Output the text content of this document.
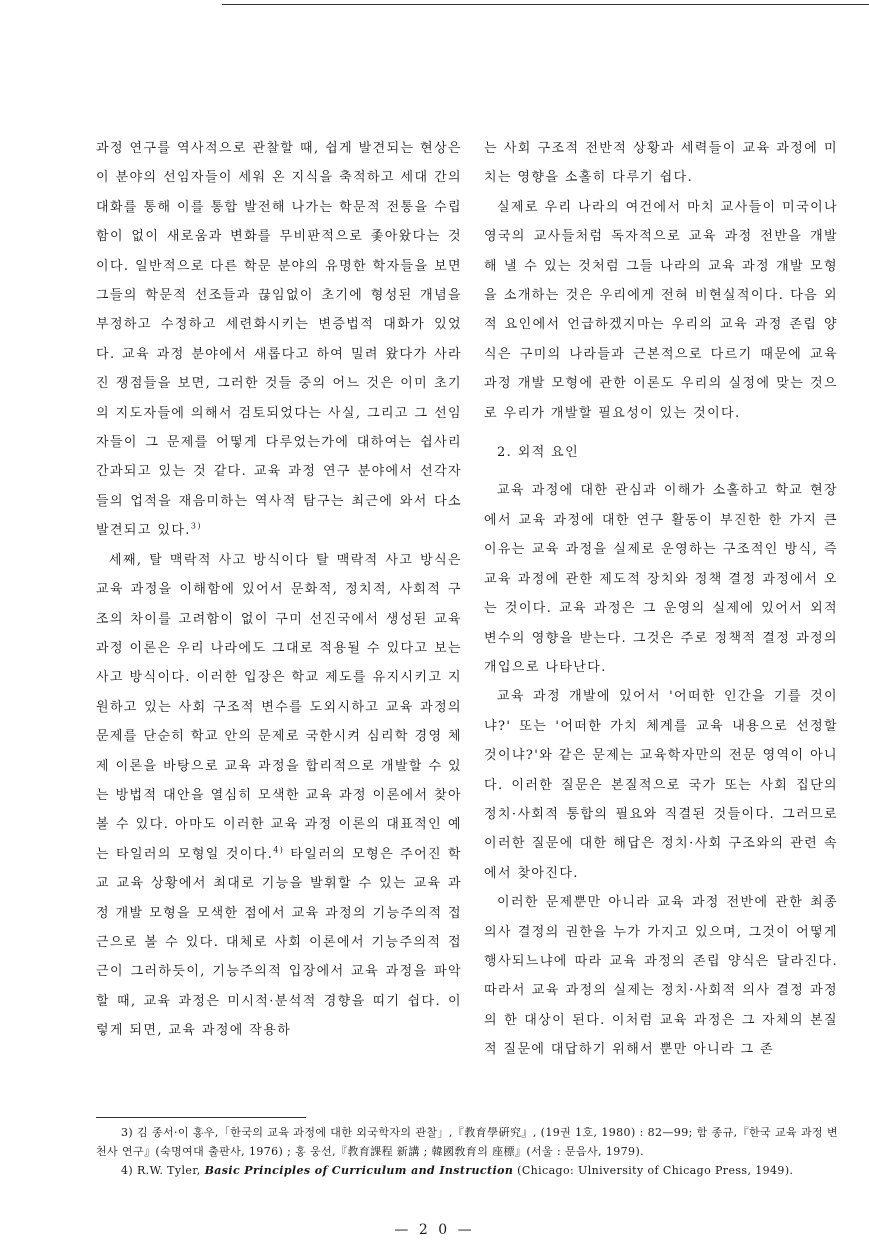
과정 연구를 역사적으로 관찰할 때, 쉽게 발견되는 현상은 이 분야의 선임자들이 세워 온 지식을 축적하고 세대 간의 대화를 통해 이를 통합 발전해 나가는 학문적 전통을 수립함이 없이 새로움과 변화를 무비판적으로 좇아왔다는 것이다. 일반적으로 다른 학문 분야의 유명한 학자들을 보면 그들의 학문적 선조들과 끊임없이 초기에 형성된 개념을 부정하고 수정하고 세련화시키는 변증법적 대화가 있었다. 교육 과정 분야에서 새롭다고 하여 밀려 왔다가 사라진 쟁점들을 보면, 그러한 것들 중의 어느 것은 이미 초기의 지도자들에 의해서 검토되었다는 사실, 그리고 그 선임자들이 그 문제를 어떻게 다루었는가에 대하여는 쉽사리 간과되고 있는 것 같다. 교육 과정 연구 분야에서 선각자들의 업적을 재음미하는 역사적 탐구는 최근에 와서 다소 발견되고 있다.$^{3)}$

세째, 탈 맥락적 사고 방식이다 탈 맥락적 사고 방식은 교육 과정을 이해함에 있어서 문화적, 정치적, 사회적 구조의 차이를 고려함이 없이 구미 선진국에서 생성된 교육 과정 이론은 우리 나라에도 그대로 적용될 수 있다고 보는 사고 방식이다. 이러한 입장은 학교 제도를 유지시키고 지원하고 있는 사회 구조적 변수를 도외시하고 교육 과정의 문제를 단순히 학교 안의 문제로 국한시켜 심리학 경영 체제 이론을 바탕으로 교육 과정을 합리적으로 개발할 수 있는 방법적 대안을 열심히 모색한 교육 과정 이론에서 찾아볼 수 있다. 아마도 이러한 교육 과정 이론의 대표적인 예는 타일러의 모형일 것이다.$^{4)}$ 타일러의 모형은 주어진 학교 교육 상황에서 최대로 기능을 발휘할 수 있는 교육 과정 개발 모형을 모색한 점에서 교육 과정의 기능주의적 접근으로 볼 수 있다. 대체로 사회 이론에서 기능주의적 접근이 그러하듯이, 기능주의적 입장에서 교육 과정을 파악할 때, 교육 과정은 미시적·분석적 경향을 띠기 쉽다. 이렇게 되면, 교육 과정에 작용하

는 사회 구조적 전반적 상황과 세력들이 교육 과정에 미치는 영향을 소홀히 다루기 쉽다.

실제로 우리 나라의 여건에서 마치 교사들이 미국이나 영국의 교사들처럼 독자적으로 교육 과정 전반을 개발해 낼 수 있는 것처럼 그들 나라의 교육 과정 개발 모형을 소개하는 것은 우리에게 전혀 비현실적이다. 다음 외적 요인에서 언급하겠지마는 우리의 교육 과정 존립 양식은 구미의 나라들과 근본적으로 다르기 때문에 교육 과정 개발 모형에 관한 이론도 우리의 실정에 맞는 것으로 우리가 개발할 필요성이 있는 것이다.

2. 외적 요인

교육 과정에 대한 관심과 이해가 소홀하고 학교 현장에서 교육 과정에 대한 연구 활동이 부진한 한 가지 큰 이유는 교육 과정을 실제로 운영하는 구조적인 방식, 즉 교육 과정에 관한 제도적 장치와 정책 결정 과정에서 오는 것이다. 교육 과정은 그 운영의 실제에 있어서 외적 변수의 영향을 받는다. 그것은 주로 정책적 결정 과정의 개입으로 나타난다.

교육 과정 개발에 있어서 '어떠한 인간을 기를 것이냐?' 또는 '어떠한 가치 체계를 교육 내용으로 선정할 것이냐?'와 같은 문제는 교육학자만의 전문 영역이 아니다. 이러한 질문은 본질적으로 국가 또는 사회 집단의 정치·사회적 통합의 필요와 직결된 것들이다. 그러므로 이러한 질문에 대한 해답은 정치·사회 구조와의 관련 속에서 찾아진다.

이러한 문제뿐만 아니라 교육 과정 전반에 관한 최종 의사 결정의 권한을 누가 가지고 있으며, 그것이 어떻게 행사되느냐에 따라 교육 과정의 존립 양식은 달라진다. 따라서 교육 과정의 실제는 정치·사회적 의사 결정 과정의 한 대상이 된다. 이처럼 교육 과정은 그 자체의 본질적 질문에 대답하기 위해서 뿐만 아니라 그 존

3) 김 종서·이 홍우,「한국의 교육 과정에 대한 외국학자의 관찰」,『教育學硏究』, (19권 1호, 1980) : 82—99; 함 종규,『한국 교육 과정 변천사 연구』(숙명여대 출판사, 1976) ; 홍 웅선,『教育課程 新講 ; 韓國敎育의 座標』(서울 : 문음사, 1979).

4) R.W. Tyler, Basic Principles of Curriculum and Instruction (Chicago: Ulniversity of Chicago Press, 1949).

— 2 0 —
